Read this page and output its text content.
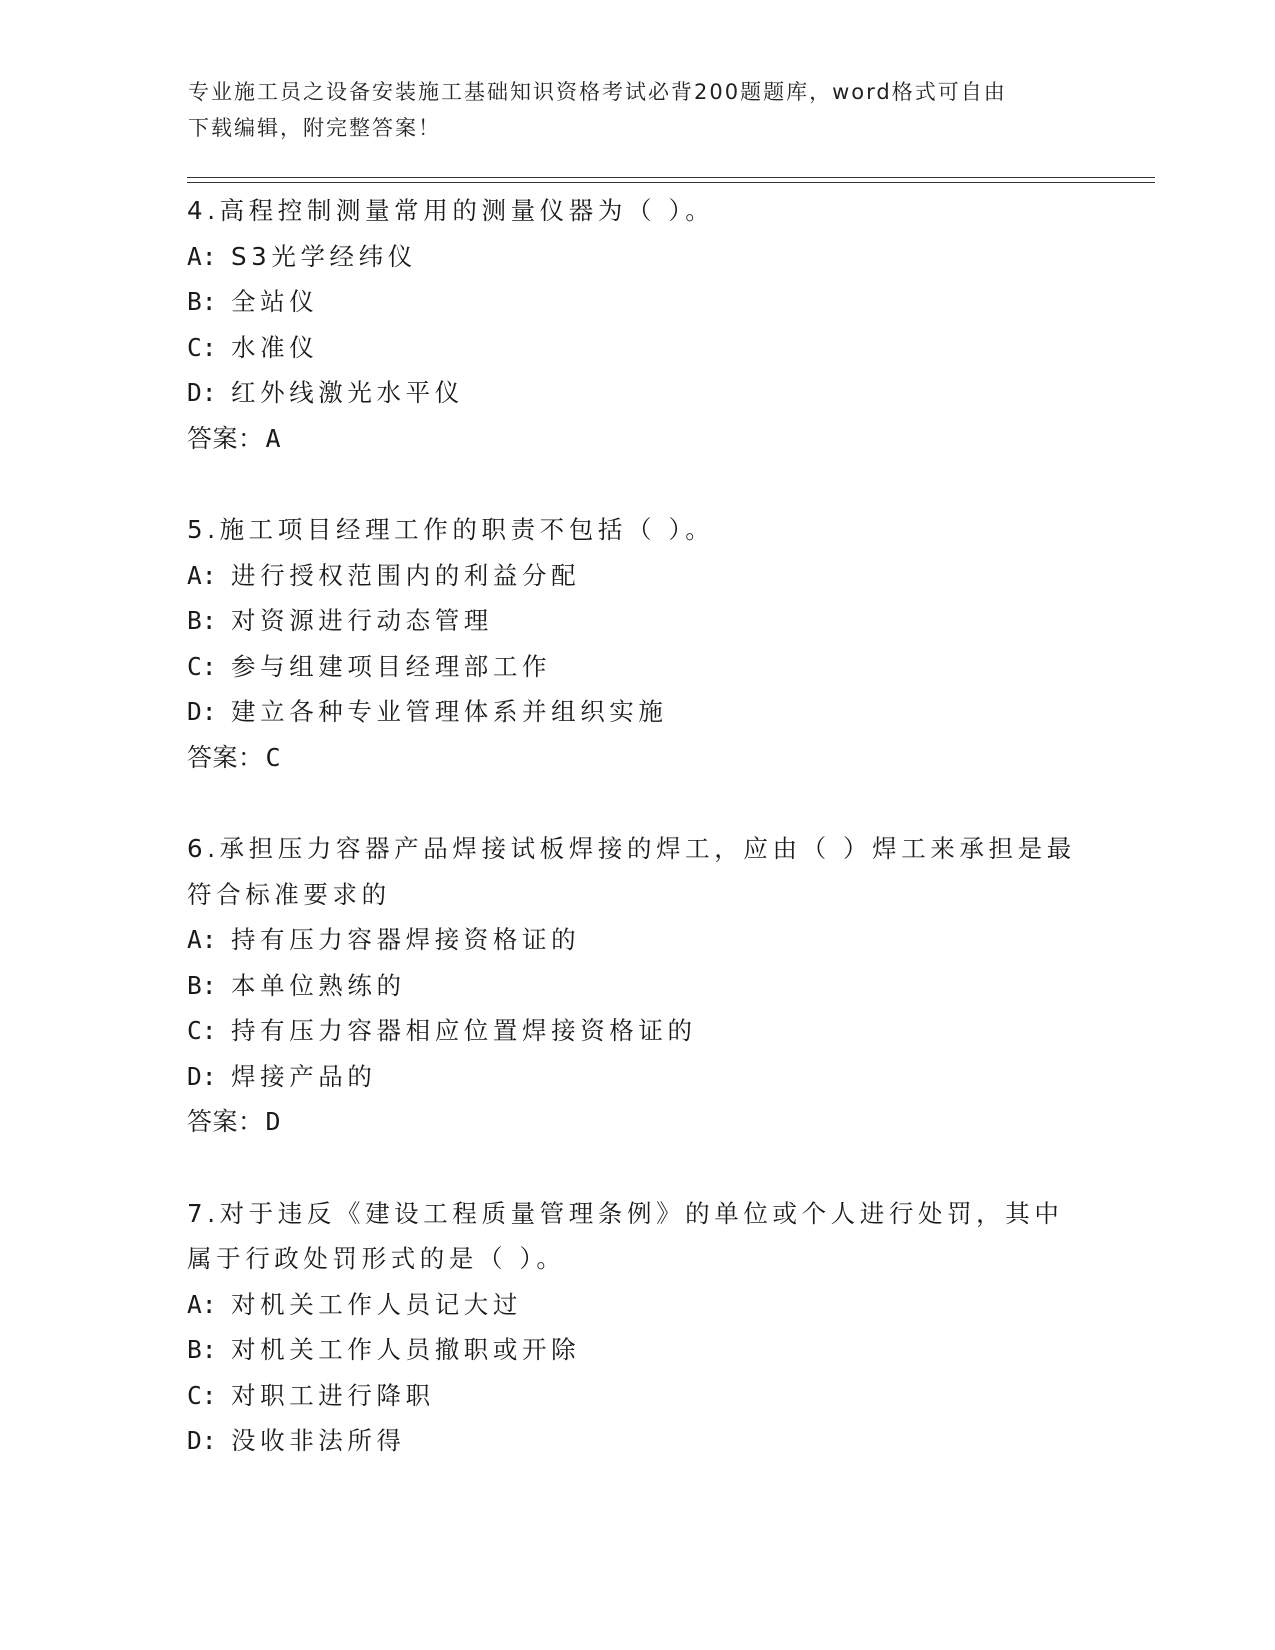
专业施工员之设备安装施工基础知识资格考试必背200题题库，word格式可自由
下载编辑，附完整答案！
4.高程控制测量常用的测量仪器为（ ）。
A: S3光学经纬仪
B: 全站仪
C: 水准仪
D: 红外线激光水平仪
答案：A
5.施工项目经理工作的职责不包括（ ）。
A: 进行授权范围内的利益分配
B: 对资源进行动态管理
C: 参与组建项目经理部工作
D: 建立各种专业管理体系并组织实施
答案：C
6.承担压力容器产品焊接试板焊接的焊工，应由（ ）焊工来承担是最
符合标准要求的
A: 持有压力容器焊接资格证的
B: 本单位熟练的
C: 持有压力容器相应位置焊接资格证的
D: 焊接产品的
答案：D
7.对于违反《建设工程质量管理条例》的单位或个人进行处罚，其中
属于行政处罚形式的是（ ）。
A: 对机关工作人员记大过
B: 对机关工作人员撤职或开除
C: 对职工进行降职
D: 没收非法所得
